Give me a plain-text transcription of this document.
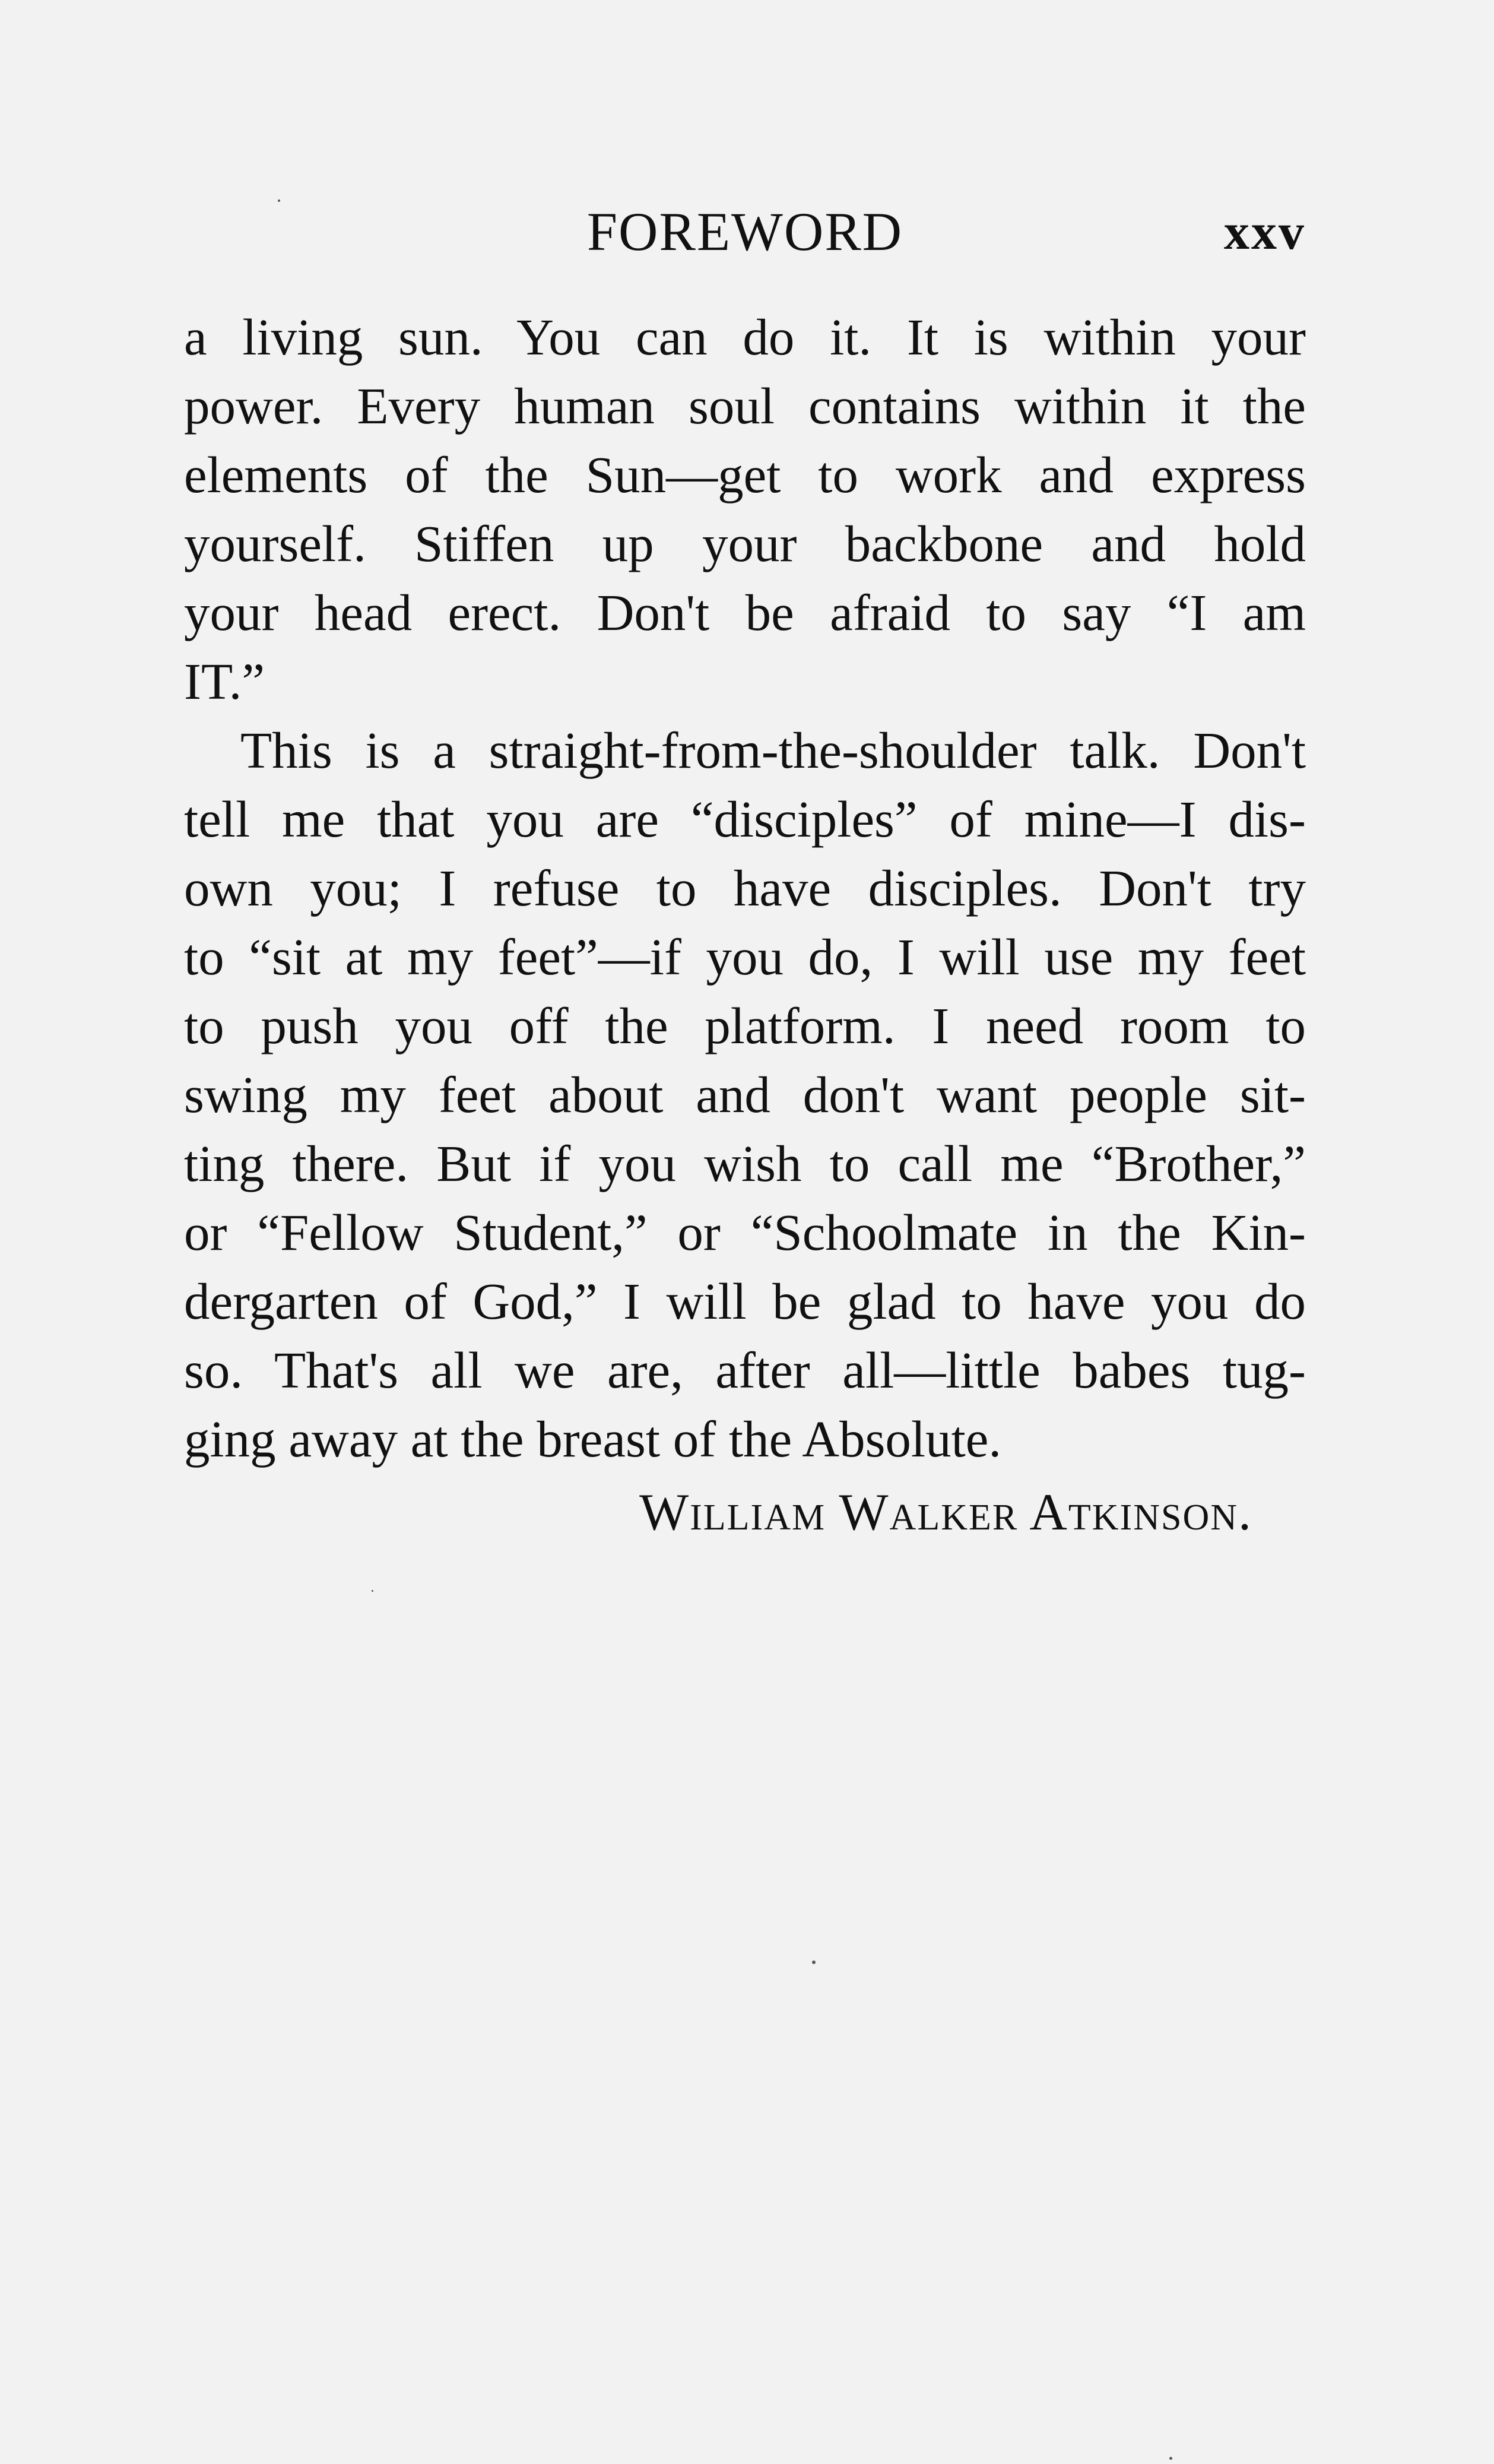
FOREWORD	xxv
a living sun. You can do it. It is within your
power. Every human soul contains within it the
elements of the Sun—get to work and express
yourself. Stiffen up your backbone and hold
your head erect. Don't be afraid to say “I am
IT.”
This is a straight-from-the-shoulder talk. Don't
tell me that you are “disciples” of mine—I dis-
own you; I refuse to have disciples. Don't try
to “sit at my feet”—if you do, I will use my feet
to push you off the platform. I need room to
swing my feet about and don't want people sit-
ting there. But if you wish to call me “Brother,”
or “Fellow Student,” or “Schoolmate in the Kin-
dergarten of God,” I will be glad to have you do
so. That's all we are, after all—little babes tug-
ging away at the breast of the Absolute.
William Walker Atkinson.
